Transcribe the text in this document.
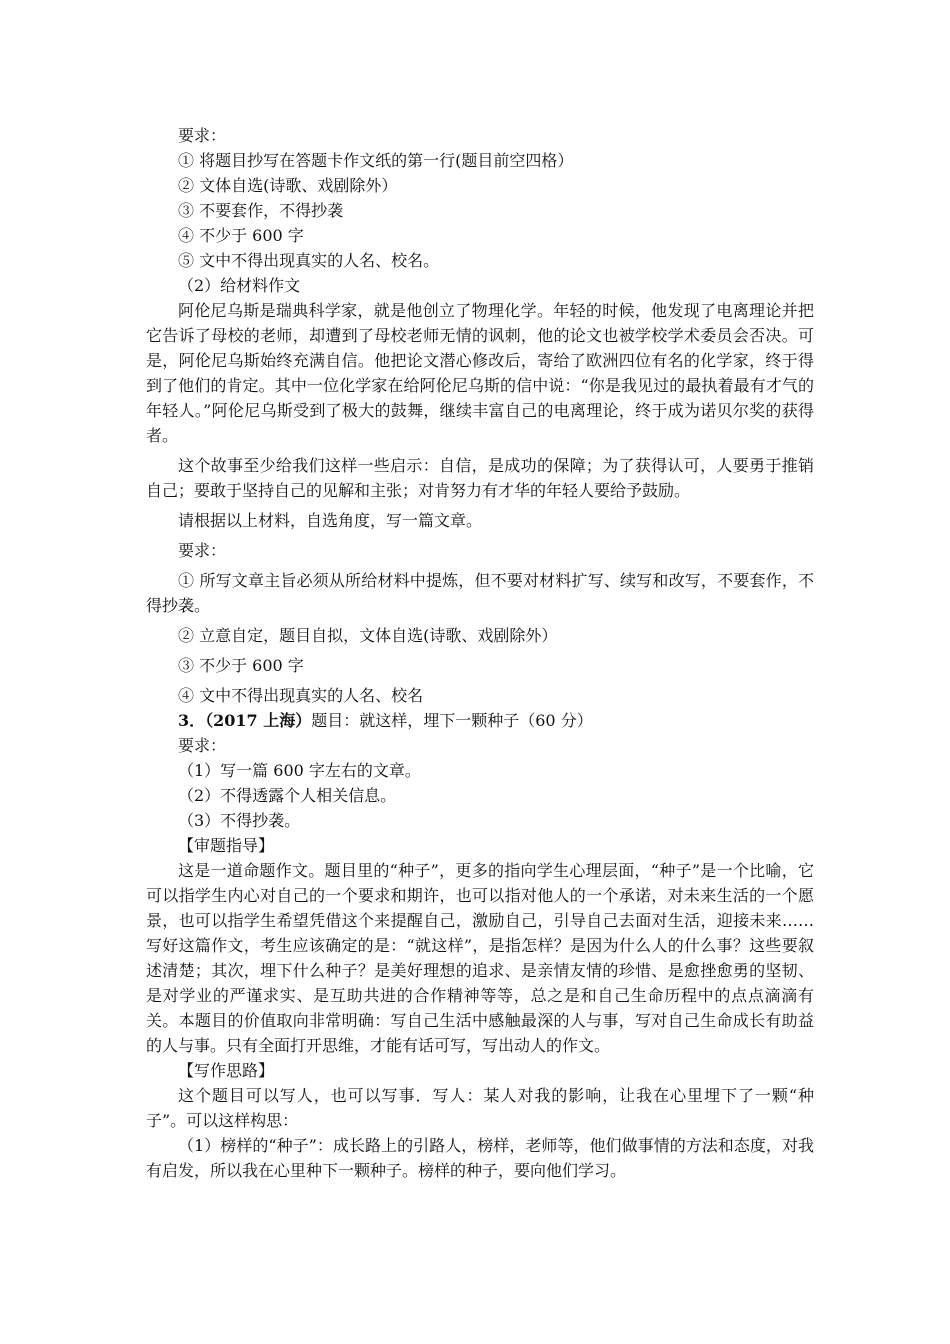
要求：

① 将题目抄写在答题卡作文纸的第一行(题目前空四格）

② 文体自选(诗歌、戏剧除外）

③ 不要套作，不得抄袭

④ 不少于 600 字

⑤ 文中不得出现真实的人名、校名。

（2）给材料作文

阿伦尼乌斯是瑞典科学家，就是他创立了物理化学。年轻的时候，他发现了电离理论并把它告诉了母校的老师，却遭到了母校老师无情的讽刺，他的论文也被学校学术委员会否决。可是，阿伦尼乌斯始终充满自信。他把论文潜心修改后，寄给了欧洲四位有名的化学家，终于得到了他们的肯定。其中一位化学家在给阿伦尼乌斯的信中说：“你是我见过的最执着最有才气的年轻人。”阿伦尼乌斯受到了极大的鼓舞，继续丰富自己的电离理论，终于成为诺贝尔奖的获得者。

这个故事至少给我们这样一些启示：自信，是成功的保障；为了获得认可，人要勇于推销自己；要敢于坚持自己的见解和主张；对肯努力有才华的年轻人要给予鼓励。

请根据以上材料，自选角度，写一篇文章。

要求：

① 所写文章主旨必须从所给材料中提炼，但不要对材料扩写、续写和改写，不要套作，不得抄袭。

② 立意自定，题目自拟，文体自选(诗歌、戏剧除外）

③ 不少于 600 字

④ 文中不得出现真实的人名、校名

3．（2017 上海）题目：就这样，埋下一颗种子（60 分）

要求：

（1）写一篇 600 字左右的文章。

（2）不得透露个人相关信息。

（3）不得抄袭。

【审题指导】

这是一道命题作文。题目里的“种子”，更多的指向学生心理层面，“种子”是一个比喻，它可以指学生内心对自己的一个要求和期许，也可以指对他人的一个承诺，对未来生活的一个愿景，也可以指学生希望凭借这个来提醒自己，激励自己，引导自己去面对生活，迎接未来……写好这篇作文，考生应该确定的是：“就这样”，是指怎样？是因为什么人的什么事？这些要叙述清楚；其次，埋下什么种子？是美好理想的追求、是亲情友情的珍惜、是愈挫愈勇的坚韧、是对学业的严谨求实、是互助共进的合作精神等等，总之是和自己生命历程中的点点滴滴有关。本题目的价值取向非常明确：写自己生活中感触最深的人与事，写对自己生命成长有助益的人与事。只有全面打开思维，才能有话可写，写出动人的作文。

【写作思路】

这个题目可以写人，也可以写事．写人：某人对我的影响，让我在心里埋下了一颗“种子”。可以这样构思：

（1）榜样的“种子”：成长路上的引路人，榜样，老师等，他们做事情的方法和态度，对我有启发，所以我在心里种下一颗种子。榜样的种子，要向他们学习。
